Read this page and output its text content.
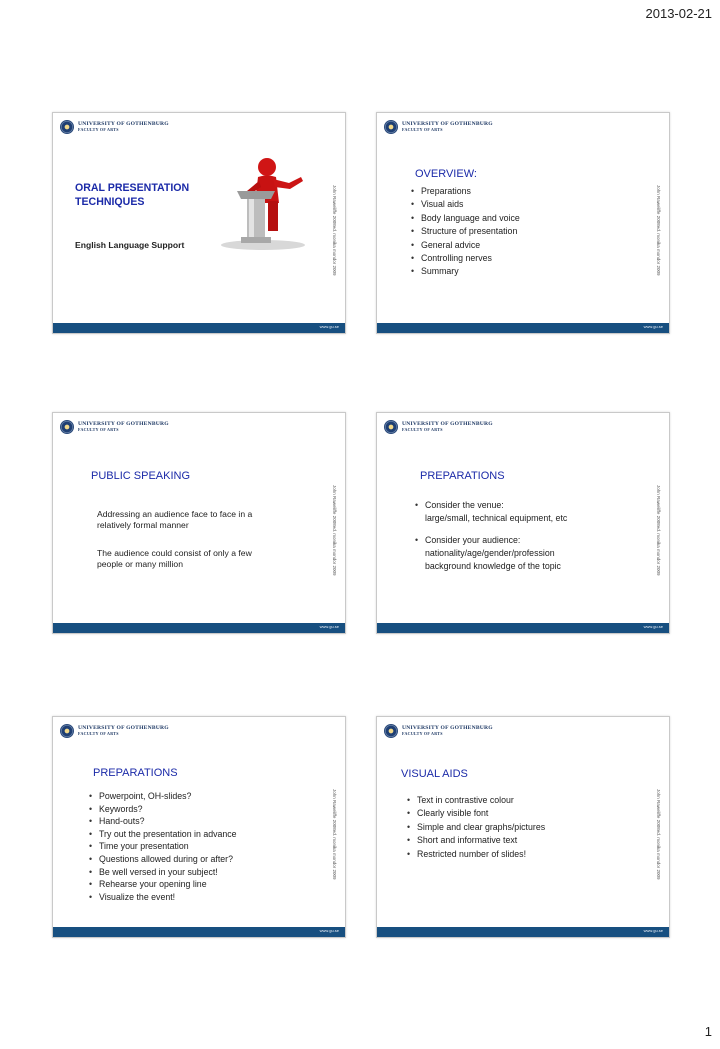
2013-02-21
UNIVERSITY OF GOTHENBURG
FACULTY OF ARTS
ORAL PRESENTATION
TECHNIQUES
English Language Support	John Raweliffe 2008ed. monika mondor 2009
www.gu.se
UNIVERSITY OF GOTHENBURG
FACULTY OF ARTS
OVERVIEW:
• Preparations
• Visual aids
• Body language and voice
• Structure of presentation
• General advice
• Controlling nerves
• Summary	John Raweliffe 2008ed. monika mondor 2009
www.gu.se
UNIVERSITY OF GOTHENBURG
FACULTY OF ARTS
PUBLIC SPEAKING

Addressing an audience face to face in a
relatively formal manner

The audience could consist of only a few
people or many million	John Raweliffe 2008ed. monika mondor 2009
www.gu.se
UNIVERSITY OF GOTHENBURG
FACULTY OF ARTS
PREPARATIONS
• Consider the venue:
large/small, technical equipment, etc
• Consider your audience:
nationality/age/gender/profession
background knowledge of the topic	John Raweliffe 2008ed. monika mondor 2009
www.gu.se
UNIVERSITY OF GOTHENBURG
FACULTY OF ARTS
PREPARATIONS
• Powerpoint, OH-slides?
• Keywords?
• Hand-outs?
• Try out the presentation in advance
• Time your presentation
• Questions allowed during or after?
• Be well versed in your subject!
• Rehearse your opening line
• Visualize the event!
John Raweliffe 2008ed. monika mondor 2009
www.gu.se
UNIVERSITY OF GOTHENBURG
FACULTY OF ARTS
VISUAL AIDS
• Text in contrastive colour
• Clearly visible font
• Simple and clear graphs/pictures
• Short and informative text
• Restricted number of slides!	John Raweliffe 2008ed. monika mondor 2009
www.gu.se
1
